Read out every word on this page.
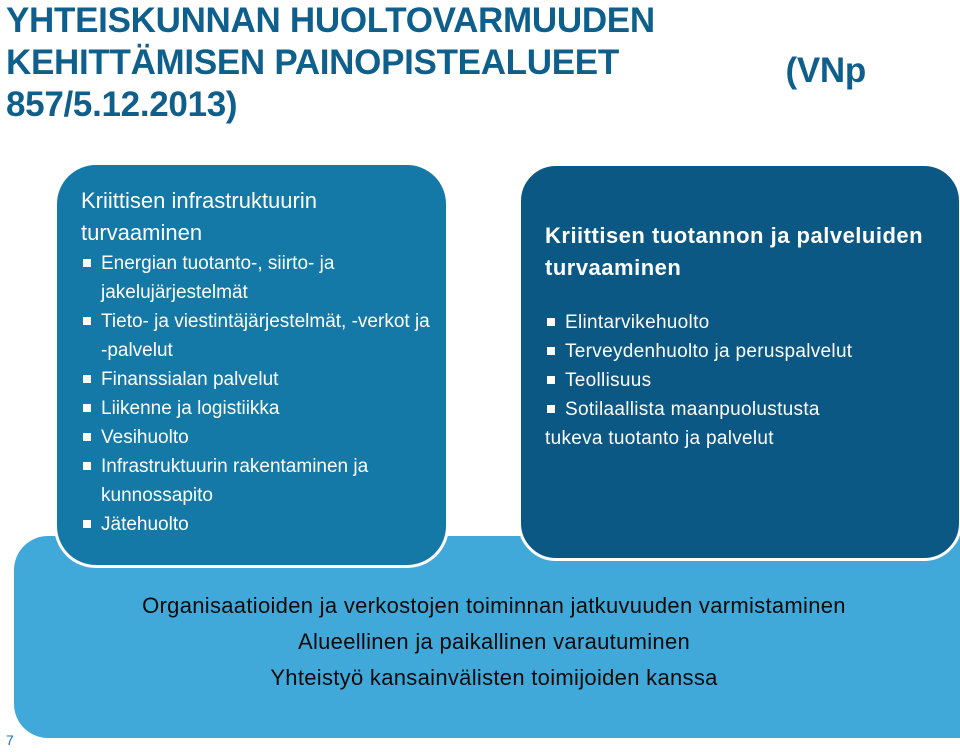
YHTEISKUNNAN HUOLTOVARMUUDEN
KEHITTÄMISEN PAINOPISTEALUEET	(VNp
857/5.12.2013)
Organisaatioiden ja verkostojen toiminnan jatkuvuuden varmistaminen
Alueellinen ja paikallinen varautuminen
Yhteistyö kansainvälisten toimijoiden kanssa
Kriittisen infrastruktuurin turvaaminen
Energian tuotanto-, siirto- ja jakelujärjestelmät
Tieto- ja viestintäjärjestelmät, -verkot ja -palvelut
Finanssialan palvelut
Liikenne ja logistiikka
Vesihuolto
Infrastruktuurin rakentaminen ja kunnossapito
Jätehuolto
Kriittisen tuotannon ja palveluiden turvaaminen
Elintarvikehuolto
Terveydenhuolto ja peruspalvelut
Teollisuus
Sotilaallista maanpuolustusta
tukeva tuotanto ja palvelut
7
